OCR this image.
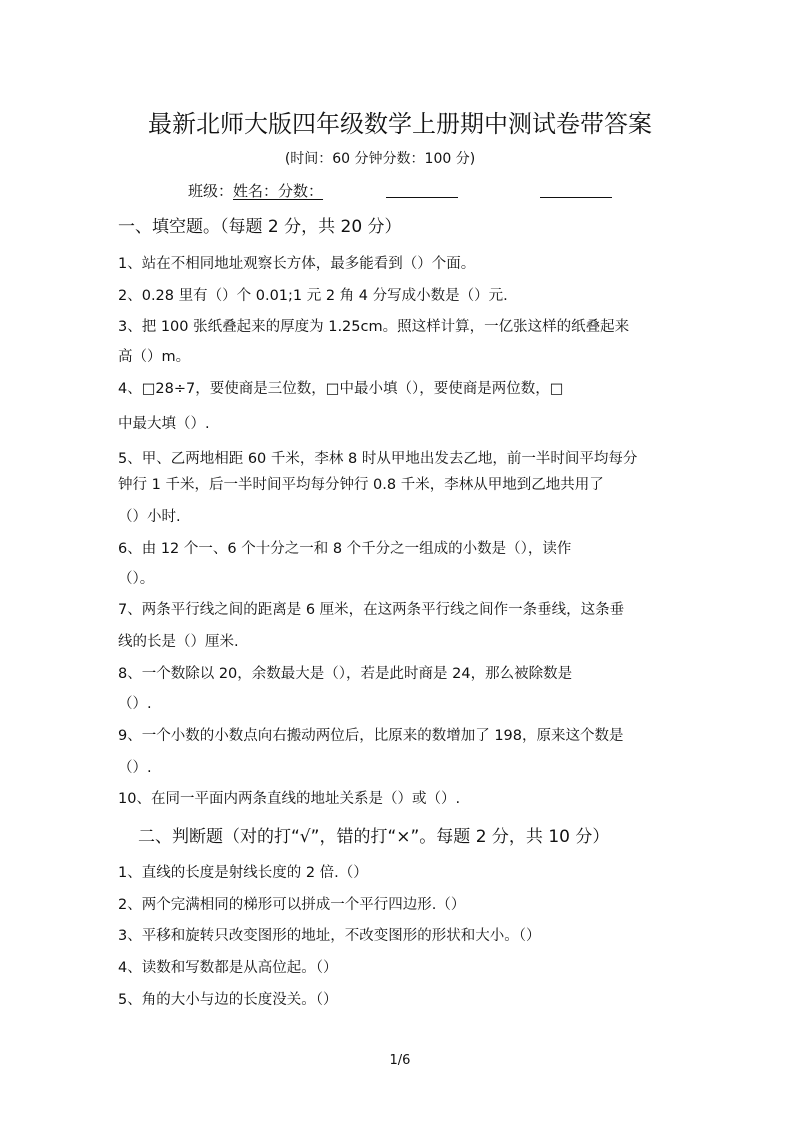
最新北师大版四年级数学上册期中测试卷带答案
(时间：60 分钟分数：100 分)
班级：姓名：分数：
一、填空题。（每题 2 分，共 20 分）
1、站在不相同地址观察长方体，最多能看到（）个面。
2、0.28 里有（）个 0.01;1 元 2 角 4 分写成小数是（）元.
3、把 100 张纸叠起来的厚度为 1.25cm。照这样计算，一亿张这样的纸叠起来
高（）m。
4、□28÷7，要使商是三位数，□中最小填（），要使商是两位数，□
中最大填（）.
5、甲、乙两地相距 60 千米，李林 8 时从甲地出发去乙地，前一半时间平均每分
钟行 1 千米，后一半时间平均每分钟行 0.8 千米，李林从甲地到乙地共用了
（）小时.
6、由 12 个一、6 个十分之一和 8 个千分之一组成的小数是（），读作
（）。
7、两条平行线之间的距离是 6 厘米，在这两条平行线之间作一条垂线，这条垂
线的长是（）厘米.
8、一个数除以 20，余数最大是（），若是此时商是 24，那么被除数是
（）.
9、一个小数的小数点向右搬动两位后，比原来的数增加了 198，原来这个数是
（）.
10、在同一平面内两条直线的地址关系是（）或（）.
二、判断题（对的打“√”，错的打“×”。每题 2 分，共 10 分）
1、直线的长度是射线长度的 2 倍.（）
2、两个完满相同的梯形可以拼成一个平行四边形.（）
3、平移和旋转只改变图形的地址，不改变图形的形状和大小。（）
4、读数和写数都是从高位起。（）
5、角的大小与边的长度没关。（）
1/6
